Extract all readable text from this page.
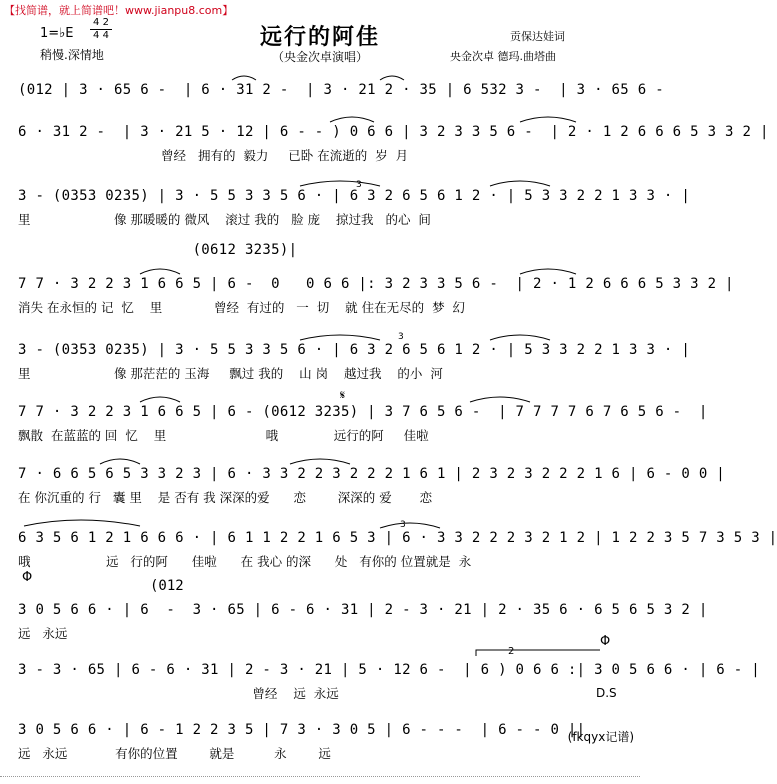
【找简谱，就上简谱吧！www.jianpu8.com】
1=♭E
4 2
4 4
稍慢.深情地
远行的阿佳
（央金次卓演唱）
贡保达娃词
央金次卓 德玛.曲塔曲
(012 | 3 · 65 6 -  | 6 · 31 2 -  | 3 · 21 2 · 35 | 6 532 3 -  | 3 · 65 6 -
6 · 31 2 -  | 3 · 21 5 · 12 | 6 - - ) 0 6 6 | 3 2 3 3 5 6 -  | 2 · 1 2 6 6 6 5 3 3 2 |
曾经   拥有的  毅力     已卧 在流逝的  岁  月
3 - (0353 0235) | 3 · 5 5 3 3 5 6 · | 6 3 2 6 5 6 1 2 · | 5 3 3 2 2 1 3 3 · |
里                     像 那暖暖的 微风    滚过 我的   脸 庞    掠过我   的心  间
(0612 3235)|
7 7 · 3 2 2 3 1 6 6 5 | 6 -  0   0 6 6 |: 3 2 3 3 5 6 -  | 2 · 1 2 6 6 6 5 3 3 2 |
消失 在永恒的 记  忆    里             曾经  有过的   一  切    就 住在无尽的  梦  幻
3 - (0353 0235) | 3 · 5 5 3 3 5 6 · | 6 3 2 6 5 6 1 2 · | 5 3 3 2 2 1 3 3 · |
里                     像 那茫茫的 玉海     飘过 我的    山 岗    越过我    的小  河
7 7 · 3 2 2 3 1 6 6 5 | 6 - (0612 3235) | 3 7 6 5 6 -  | 7 7 7 7 6 7 6 5 6 -  |
飘散  在蓝蓝的 回  忆    里                         哦              远行的阿     佳啦
7 · 6 6 5 6 5 3 3 2 3 | 6 · 3 3 2 2 3 2 2 2 1 6 1 | 2 3 2 3 2 2 2 1 6 | 6 - 0 0 |
在 你沉重的 行   囊 里    是 否有 我 深深的爱      恋        深深的 爱       恋
6 3 5 6 1 2 1 6 6 6 · | 6 1 1 2 2 1 6 5 3 | 6 · 3 3 2 2 2 3 2 1 2 | 1 2 2 3 5 7 3 5 3 |
哦                   远   行的阿      佳啦      在 我心 的深      处   有你的 位置就是  永
3 0 5 6 6 · | 6  -  3 · 65 | 6 - 6 · 31 | 2 - 3 · 21 | 2 · 35 6 · 6 5 6 5 3 2 |
远   永远
3 - 3 · 65 | 6 - 6 · 31 | 2 - 3 · 21 | 5 · 12 6 -  | 6 ) 0 6 6 :| 3 0 5 6 6 · | 6 - |
曾经    远  永远
3 0 5 6 6 · | 6 - 1 2 2 3 5 | 7 3 · 3 0 5 | 6 - - -  | 6 - - 0 ||
远   永远            有你的位置        就是          永        远
(012
Φ
Φ
𝄋
D.S
2
3
3
3
(fkqyx记谱)
